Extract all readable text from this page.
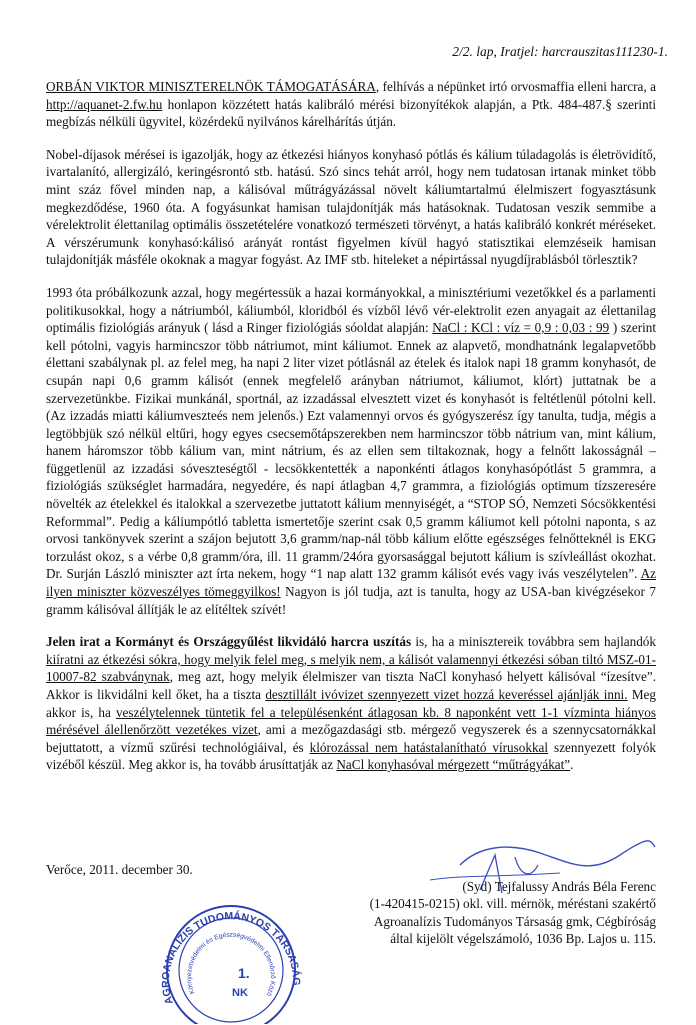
2/2. lap, Iratjel: harcrauszitas111230-1.

ORBÁN VIKTOR MINISZTERELNÖK TÁMOGATÁSÁRA, felhívás a népünket irtó orvosmaffia elleni harcra, a http://aquanet-2.fw.hu honlapon közzétett hatás kalibráló mérési bizonyítékok alapján, a Ptk. 484-487.§ szerinti megbízás nélküli ügyvitel, közérdekű nyilvános kárelhárítás útján.

Nobel-díjasok mérései is igazolják, hogy az étkezési hiányos konyhasó pótlás és kálium túladagolás is életrövidítő, ivartalanító, allergizáló, keringésrontó stb. hatású. Szó sincs tehát arról, hogy nem tudatosan irtanak minket több mint száz fővel minden nap, a kálisóval műtrágyázással növelt káliumtartalmú élelmiszert fogyasztásunk megkezdődése, 1960 óta. A fogyásunkat hamisan tulajdonítják más hatásoknak. Tudatosan veszik semmibe a vérelektrolit élettanilag optimális összetételére vonatkozó természeti törvényt, a hatás kalibráló konkrét méréseket. A vérszérumunk konyhasó:kálisó arányát rontást figyelmen kívül hagyó statisztikai elemzéseik hamisan tulajdonítják másféle okoknak a magyar fogyást. Az IMF stb. hiteleket a népirtással nyugdíjrablásból törlesztik?

1993 óta próbálkozunk azzal, hogy megértessük a hazai kormányokkal, a minisztériumi vezetőkkel és a parlamenti politikusokkal, hogy a nátriumból, káliumból, kloridból és vízből lévő vér-elektrolit ezen anyagait az élettanilag optimális fiziológiás arányuk ( lásd a Ringer fiziológiás sóoldat alapján: NaCl : KCl : víz = 0,9 : 0,03 : 99 ) szerint kell pótolni, vagyis harmincszor több nátriumot, mint káliumot. Ennek az alapvető, mondhatnánk legalapvetőbb élettani szabálynak pl. az felel meg, ha napi 2 liter vizet pótlásnál az ételek és italok napi 18 gramm konyhasót, de csupán napi 0,6 gramm kálisót (ennek megfelelő arányban nátriumot, káliumot, klórt) juttatnak be a szervezetünkbe. Fizikai munkánál, sportnál, az izzadással elvesztett vizet és konyhasót is feltétlenül pótolni kell. (Az izzadás miatti káliumveszteés nem jelenős.) Ezt valamennyi orvos és gyógyszerész így tanulta, tudja, mégis a legtöbbjük szó nélkül eltűri, hogy egyes csecsemőtápszerekben nem harmincszor több nátrium van, mint kálium, hanem háromszor több kálium van, mint nátrium, és az ellen sem tiltakoznak, hogy a felnőtt lakosságnál – függetlenül az izzadási sóveszteségtől - lecsökkentették a naponkénti átlagos konyhasópótlást 5 grammra, a fiziológiás szükséglet harmadára, negyedére, és napi átlagban 4,7 grammra, a fiziológiás optimum tízszeresére növelték az ételekkel és italokkal a szervezetbe juttatott kálium mennyiségét, a “STOP SÓ, Nemzeti Sócsökkentési Reformmal”. Pedig a káliumpótló tabletta ismertetője szerint csak 0,5 gramm káliumot kell pótolni naponta, s az orvosi tankönyvek szerint a szájon bejutott 3,6 gramm/nap-nál több kálium előtte egészséges felnőtteknél is EKG torzulást okoz, s a vérbe 0,8 gramm/óra, ill. 11 gramm/24óra gyorsasággal bejutott kálium is szívleállást okozhat. Dr. Surján László miniszter azt írta nekem, hogy “1 nap alatt 132 gramm kálisót evés vagy ivás veszélytelen”. Az ilyen miniszter közveszélyes tömeggyilkos! Nagyon is jól tudja, azt is tanulta, hogy az USA-ban kivégzésekor 7 gramm kálisóval állítják le az elítéltek szívét!

Jelen irat a Kormányt és Országgyűlést likvidáló harcra uszítás is, ha a minisztereik továbbra sem hajlandók kiíratni az étkezési sókra, hogy melyik felel meg, s melyik nem, a kálisót valamennyi étkezési sóban tiltó MSZ-01-10007-82 szabványnak, meg azt, hogy melyik élelmiszer van tiszta NaCl konyhasó helyett kálisóval “ízesítve”. Akkor is likvidálni kell őket, ha a tiszta desztillált ivóvizet szennyezett vizet hozzá keveréssel ajánlják inni. Meg akkor is, ha veszélytelennek tüntetik fel a településenként átlagosan kb. 8 naponként vett 1-1 vízminta hiányos mérésével álellenőrzött vezetékes vizet, ami a mezőgazdasági stb. mérgező vegyszerek és a szennycsatornákkal bejuttatott, a vízmű szűrési technológiáival, és klórozással nem hatástalanítható vírusokkal szennyezett folyók vizéből készül. Meg akkor is, ha tovább árusíttatják az NaCl konyhasóval mérgezett “műtrágyákat”.

Verőce, 2011. december 30.
(Syd) Tejfalussy András Béla Ferenc
(1-420415-0215) okl. vill. mérnök, méréstani szakértő
Agroanalízis Tudományos Társaság gmk, Cégbíróság
által kijelölt végelszámoló, 1036 Bp. Lajos u. 115.
AGROANALÍZIS TUDOMÁNYOS TÁRSASÁG
Környezetvédelmi és Egészségvédelmi Ellenőrző Közö
1.
NK
